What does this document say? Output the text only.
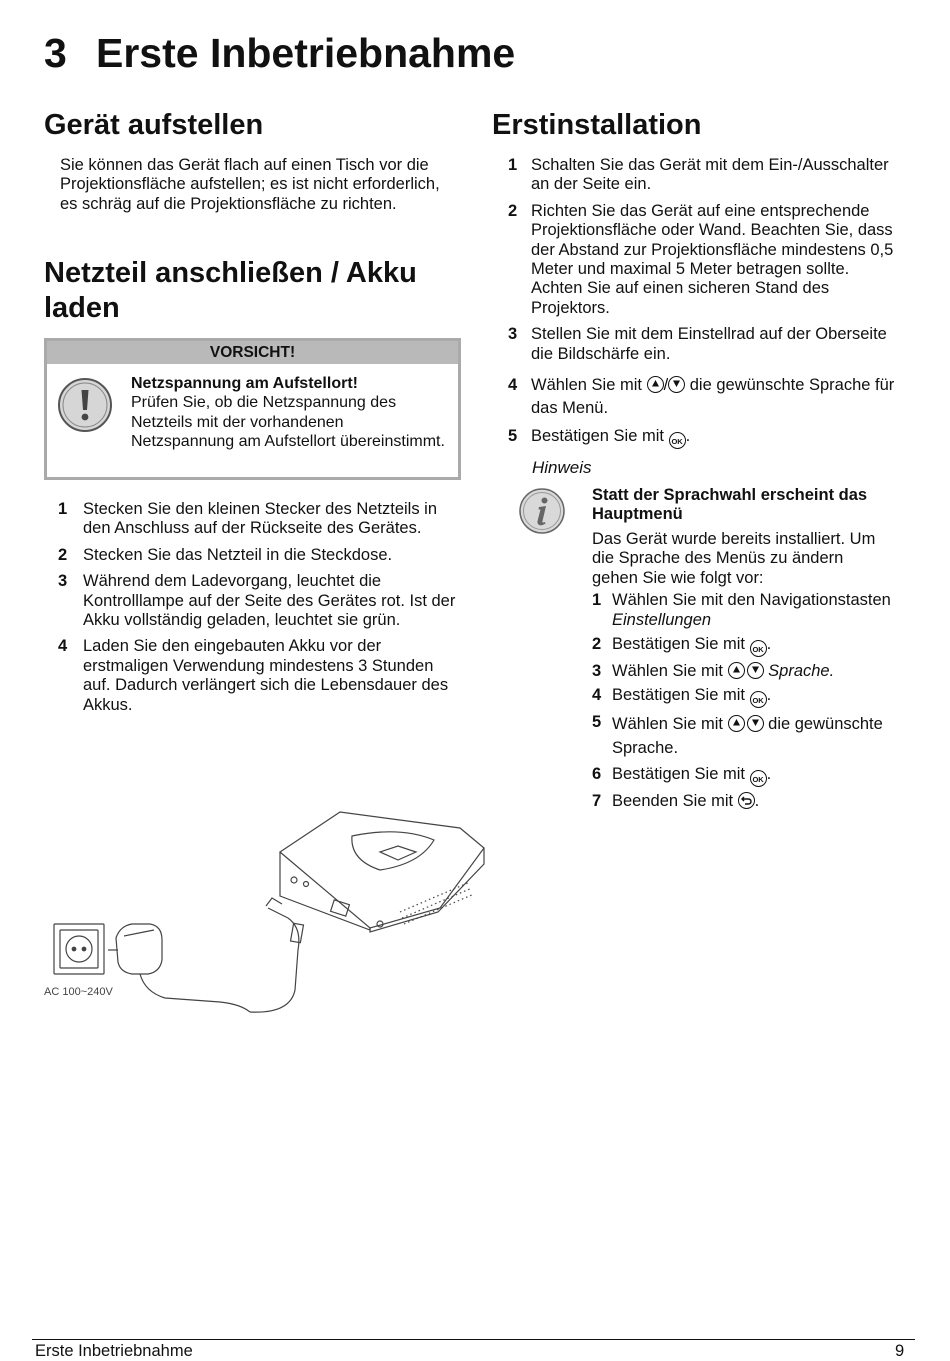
3 Erste Inbetriebnahme
Gerät aufstellen
Sie können das Gerät flach auf einen Tisch vor die Projektionsfläche aufstellen; es ist nicht erforderlich, es schräg auf die Projektionsfläche zu richten.
Netzteil anschließen / Akku
laden
VORSICHT!
Netzspannung am Aufstellort!
Prüfen Sie, ob die Netzspannung des Netzteils mit der vorhandenen Netzspannung am Aufstellort übereinstimmt.
1 Stecken Sie den kleinen Stecker des Netzteils in den Anschluss auf der Rückseite des Gerätes.
2 Stecken Sie das Netzteil in die Steckdose.
3 Während dem Ladevorgang, leuchtet die Kontrolllampe auf der Seite des Gerätes rot. Ist der Akku vollständig geladen, leuchtet sie grün.
4 Laden Sie den eingebauten Akku vor der erstmaligen Verwendung mindestens 3 Stunden auf. Dadurch verlängert sich die Lebensdauer des Akkus.
AC 100~240V
Erstinstallation
1 Schalten Sie das Gerät mit dem Ein-/Ausschalter an der Seite ein.
2 Richten Sie das Gerät auf eine entsprechende Projektionsfläche oder Wand. Beachten Sie, dass der Abstand zur Projektionsfläche mindestens 0,5 Meter und maximal 5 Meter betragen sollte. Achten Sie auf einen sicheren Stand des Projektors.
3 Stellen Sie mit dem Einstellrad auf der Oberseite die Bildschärfe ein.
4 Wählen Sie mit / die gewünschte Sprache für das Menü.
5 Bestätigen Sie mit OK .
Hinweis
Statt der Sprachwahl erscheint das Hauptmenü
Das Gerät wurde bereits installiert. Um die Sprache des Menüs zu ändern gehen Sie wie folgt vor:
1 Wählen Sie mit den Navigationstasten Einstellungen
2 Bestätigen Sie mit OK .
3 Wählen Sie mit	Sprache.
4 Bestätigen Sie mit OK .
5 Wählen Sie mit	die gewünschte Sprache.
6 Bestätigen Sie mit OK .
7 Beenden Sie mit .
Erste Inbetriebnahme	9
